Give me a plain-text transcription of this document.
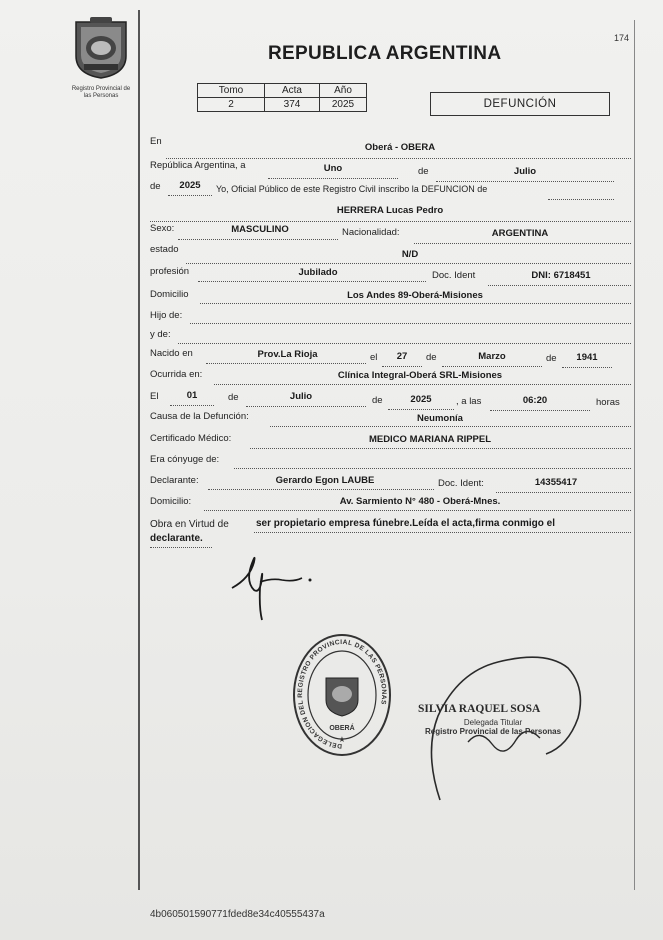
Registro Provincial de
las Personas
174
REPUBLICA ARGENTINA
Tomo	Acta	Año
2	374	2025	DEFUNCIÓN
En
Oberá - OBERA
República Argentina, a	Uno	de	Julio
de	2025	Yo, Oficial Público de este Registro Civil inscribo la DEFUNCION de
HERRERA Lucas Pedro
Sexo:	MASCULINO	Nacionalidad:	ARGENTINA
estado	N/D
profesión	Jubilado	Doc. Ident	DNI: 6718451
Domicilio	Los Andes 89-Oberá-Misiones
Hijo de:
y de:
Nacido en	Prov.La Rioja	el	27	de	Marzo	de	1941
Ocurrida en:	Clínica Integral-Oberá SRL-Misiones
El	01	de	Julio	de	2025	, a las	06:20	horas
Causa de la Defunción:	Neumonía
Certificado Médico:	MEDICO MARIANA RIPPEL
Era cónyuge de:
Declarante:	Gerardo Egon LAUBE	Doc. Ident:	14355417
Domicilio:	Av. Sarmiento N° 480 - Oberá-Mnes.
Obra en Virtud de	ser propietario empresa fúnebre.Leída el acta,firma conmigo el
declarante.
DELEGACION DEL REGISTRO PROVINCIAL DE LAS PERSONAS
OBERÁ
★
SILVIA RAQUEL SOSA
Delegada Titular
Registro Provincial de las Personas
4b060501590771fded8e34c40555437a
